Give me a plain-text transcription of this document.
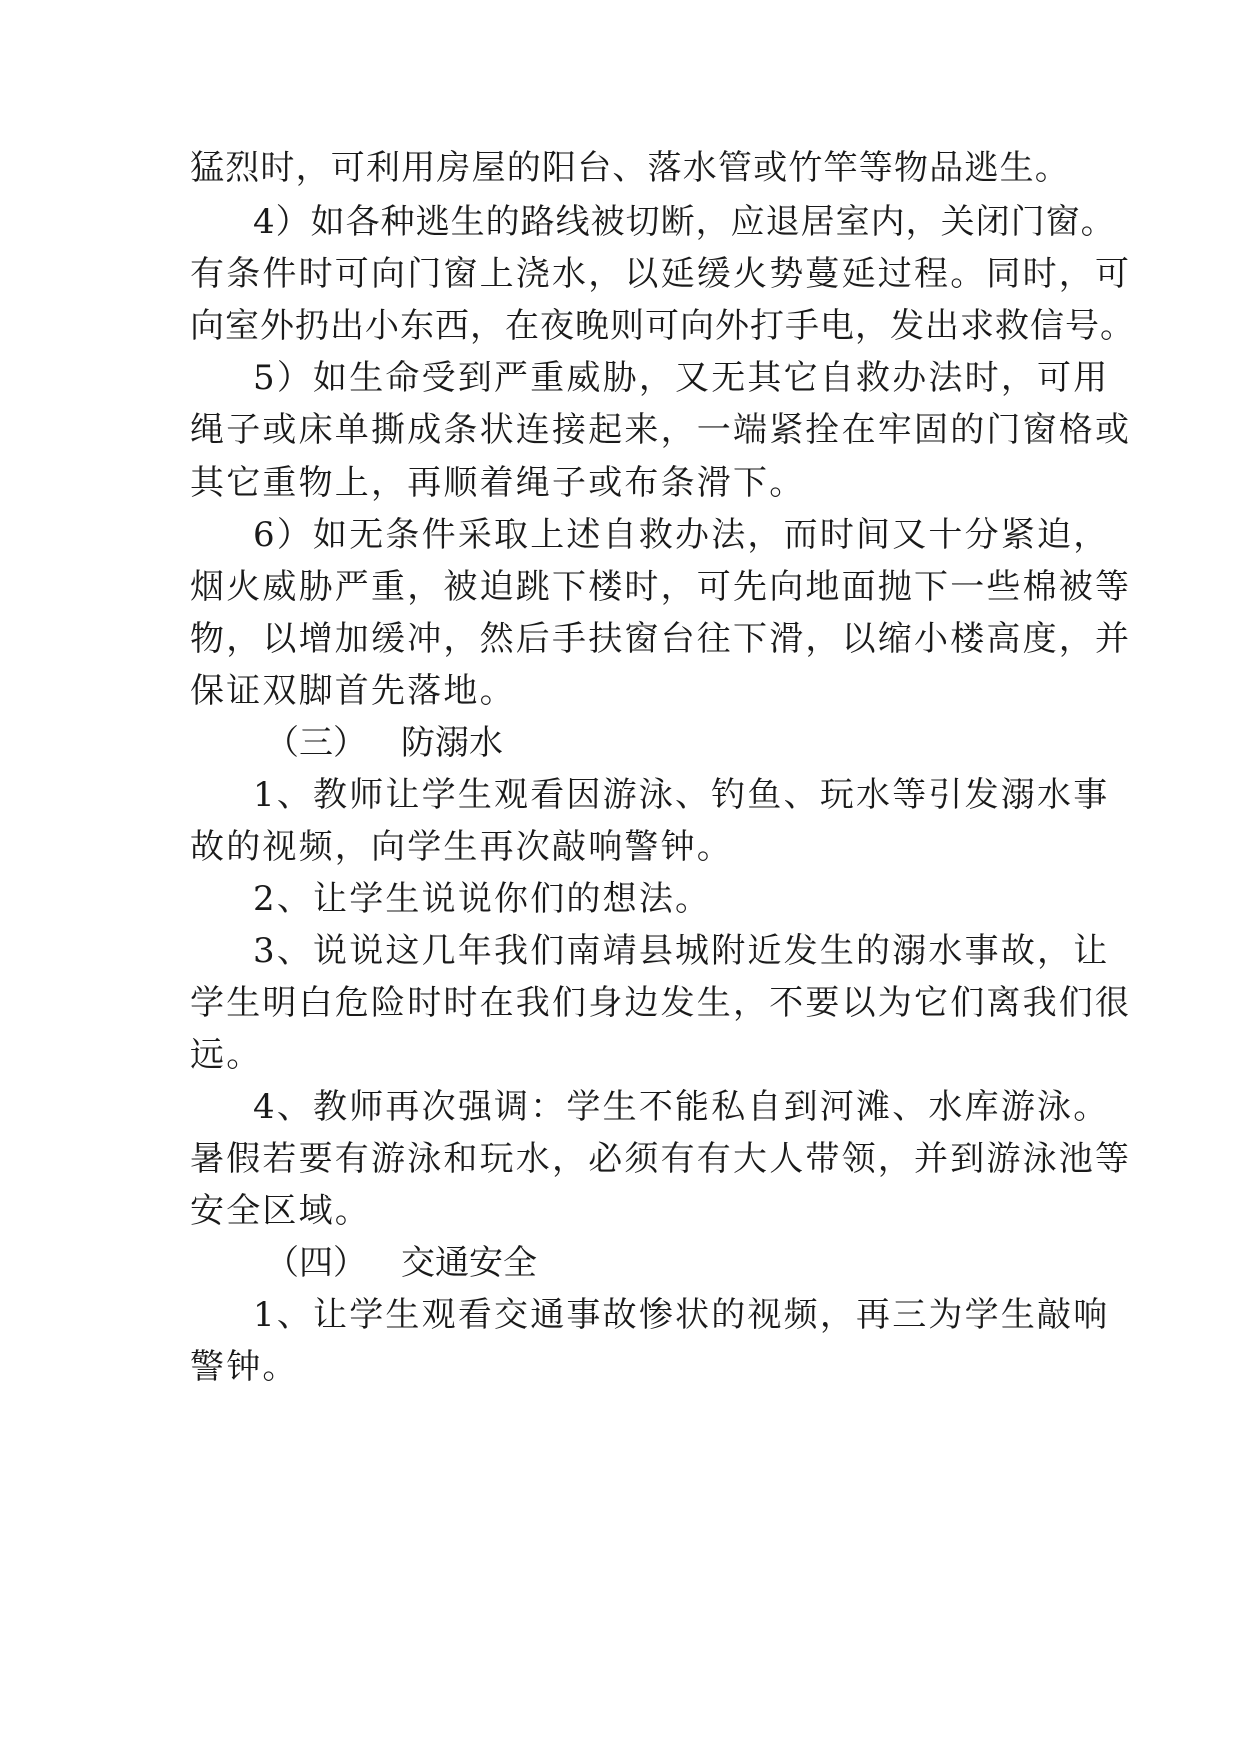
猛烈时，可利用房屋的阳台、落水管或竹竿等物品逃生。
4）如各种逃生的路线被切断，应退居室内，关闭门窗。
有条件时可向门窗上浇水，以延缓火势蔓延过程。同时，可
向室外扔出小东西，在夜晚则可向外打手电，发出求救信号。
5）如生命受到严重威胁，又无其它自救办法时，可用
绳子或床单撕成条状连接起来，一端紧拴在牢固的门窗格或
其它重物上，再顺着绳子或布条滑下。
6）如无条件采取上述自救办法，而时间又十分紧迫，
烟火威胁严重，被迫跳下楼时，可先向地面抛下一些棉被等
物，以增加缓冲，然后手扶窗台往下滑，以缩小楼高度，并
保证双脚首先落地。
（三） 防溺水
1、教师让学生观看因游泳、钓鱼、玩水等引发溺水事
故的视频，向学生再次敲响警钟。
2、让学生说说你们的想法。
3、说说这几年我们南靖县城附近发生的溺水事故，让
学生明白危险时时在我们身边发生，不要以为它们离我们很
远。
4、教师再次强调：学生不能私自到河滩、水库游泳。
暑假若要有游泳和玩水，必须有有大人带领，并到游泳池等
安全区域。
（四） 交通安全
1、让学生观看交通事故惨状的视频，再三为学生敲响
警钟。
